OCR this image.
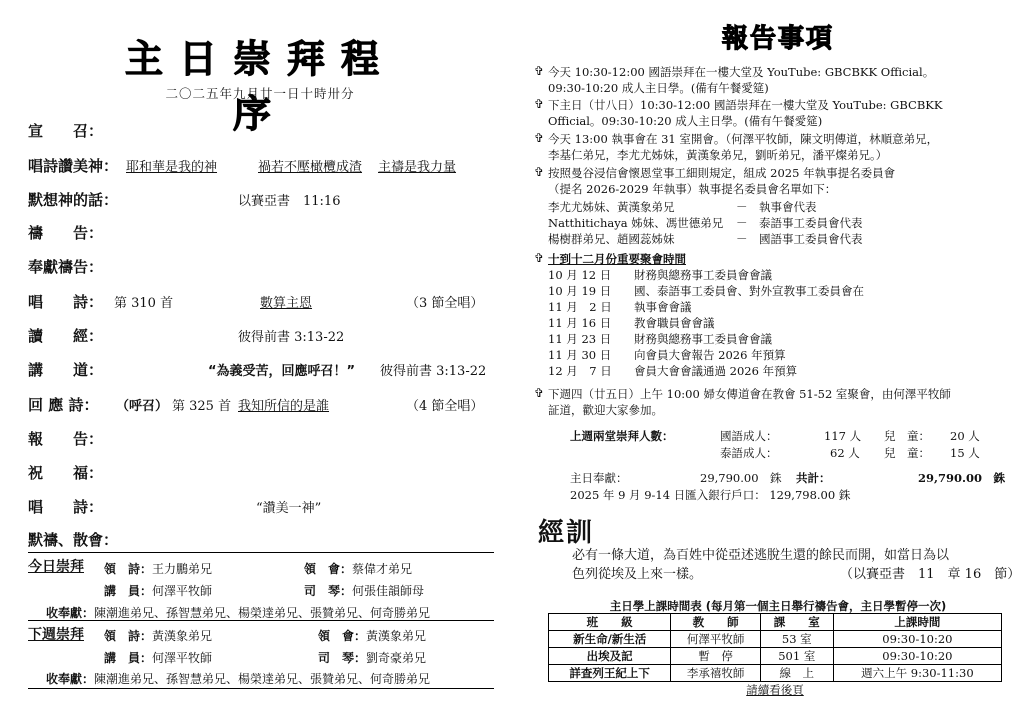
主日崇拜程序
二〇二五年九月廿一日十時卅分
宣　　召：
唱詩讚美神： 耶和華是我的神	禍若不壓橄欖成渣 主禱是我力量
默想神的話：	以賽亞書　11:16
禱　　告：
奉獻禱告：
唱　　詩： 第 310 首	數算主恩	（3 節全唱）
讀　　經：	彼得前書 3:13-22
講　　道：	“為義受苦，回應呼召！” 彼得前書 3:13-22
回 應 詩： （呼召） 第 325 首 我知所信的是誰	（4 節全唱）
報　　告：
祝　　福：
唱　　詩：	“讚美一神”
默禱、散會：
今日崇拜 領　詩：王力鵬弟兄	領　會：蔡偉才弟兄
講　員：何澤平牧師	司　琴：何張佳韻師母
收奉獻：陳潮進弟兄、孫智慧弟兄、楊榮達弟兄、張贊弟兄、何奇勝弟兄
下週崇拜 領　詩：黃漢象弟兄	領　會：黃漢象弟兄
講　員：何澤平牧師	司　琴：劉奇豪弟兄
收奉獻：陳潮進弟兄、孫智慧弟兄、楊榮達弟兄、張贊弟兄、何奇勝弟兄
報告事項
✞ 今天 10:30-12:00 國語崇拜在一樓大堂及 YouTube: GBCBKK Official。
09:30-10:20 成人主日學。(備有午餐愛筵)
✞ 下主日（廿八日）10:30-12:00 國語崇拜在一樓大堂及 YouTube: GBCBKK
Official。09:30-10:20 成人主日學。(備有午餐愛筵)
✞ 今天 13:00 執事會在 31 室開會。（何澤平牧師，陳文明傳道，林順意弟兄，
李基仁弟兄，李尤尤姊妹，黃漢象弟兄，劉昕弟兄，潘平燦弟兄。）
✞ 按照曼谷浸信會懷恩堂事工細則規定，組成 2025 年執事提名委員會
（提名 2026-2029 年執事）執事提名委員會名單如下：
李尤尤姊妹、黃漢象弟兄	－　執事會代表
Natthitichaya 姊妹、馮世德弟兄 －　泰語事工委員會代表
楊樹群弟兄、趙國蕊姊妹	－　國語事工委員會代表
✞ 十到十二月份重要聚會時間
10 月 12 日 財務與總務事工委員會會議
10 月 19 日 國、泰語事工委員會、對外宣教事工委員會在
11 月　2 日 執事會會議
11 月 16 日 教會職員會會議
11 月 23 日 財務與總務事工委員會會議
11 月 30 日 向會員大會報告 2026 年預算
12 月　7 日 會員大會會議通過 2026 年預算
✞ 下週四（廿五日）上午 10:00 婦女傳道會在教會 51-52 室聚會，由何澤平牧師
証道，歡迎大家參加。
上週兩堂崇拜人數：	國語成人：	117 人 兒　童： 20 人
泰語成人：	62 人 兒　童： 15 人
主日奉獻：	29,790.00　銖 共計：	29,790.00　銖
2025 年 9 月 9-14 日匯入銀行戶口： 129,798.00 銖
經訓
必有一條大道，為百姓中從亞述逃脫生還的餘民而開，如當日為以
色列從埃及上來一樣。	（以賽亞書　11　章 16　節）
主日學上課時間表 (每月第一個主日舉行禱告會，主日學暫停一次)
班　　級	教　　師	課　　室	上課時間
新生命/新生活	何澤平牧師	53 室	09:30-10:20
出埃及記	暫　停	501 室	09:30-10:20
詳查列王紀上下	李承禧牧師	線　上	週六上午 9:30-11:30
請續看後頁
